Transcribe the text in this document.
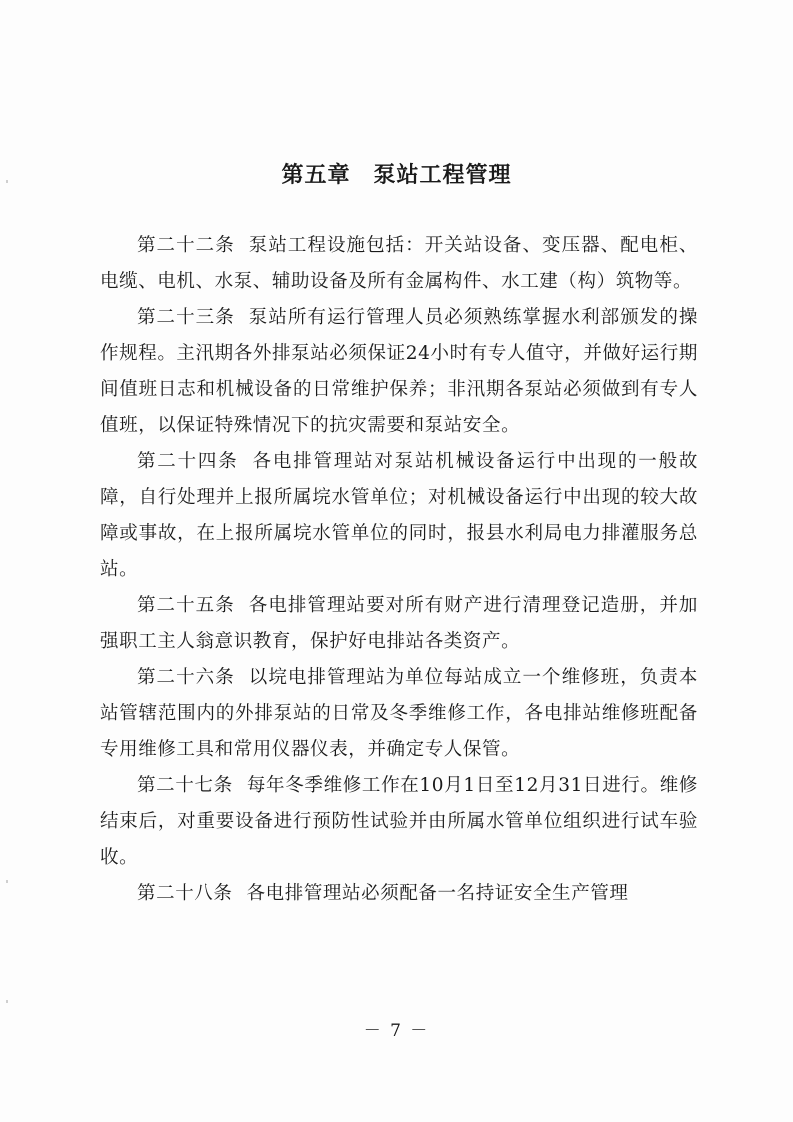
第五章　泵站工程管理

第二十二条 泵站工程设施包括：开关站设备、变压器、配电柜、电缆、电机、水泵、辅助设备及所有金属构件、水工建（构）筑物等。

第二十三条 泵站所有运行管理人员必须熟练掌握水利部颁发的操作规程。主汛期各外排泵站必须保证24小时有专人值守，并做好运行期间值班日志和机械设备的日常维护保养；非汛期各泵站必须做到有专人值班，以保证特殊情况下的抗灾需要和泵站安全。

第二十四条 各电排管理站对泵站机械设备运行中出现的一般故障，自行处理并上报所属垸水管单位；对机械设备运行中出现的较大故障或事故，在上报所属垸水管单位的同时，报县水利局电力排灌服务总站。

第二十五条 各电排管理站要对所有财产进行清理登记造册，并加强职工主人翁意识教育，保护好电排站各类资产。

第二十六条 以垸电排管理站为单位每站成立一个维修班，负责本站管辖范围内的外排泵站的日常及冬季维修工作，各电排站维修班配备专用维修工具和常用仪器仪表，并确定专人保管。

第二十七条 每年冬季维修工作在10月1日至12月31日进行。维修结束后，对重要设备进行预防性试验并由所属水管单位组织进行试车验收。

第二十八条 各电排管理站必须配备一名持证安全生产管理

－ 7 －
